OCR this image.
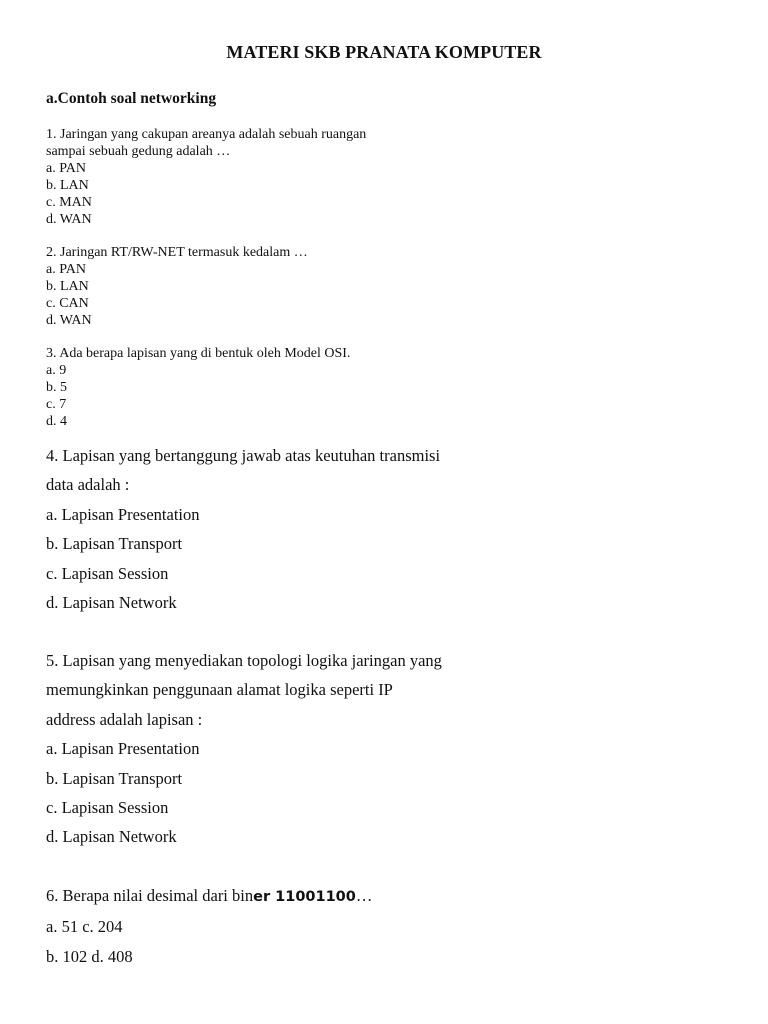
MATERI SKB PRANATA KOMPUTER
a.Contoh soal networking
1. Jaringan yang cakupan areanya adalah sebuah ruangan
sampai sebuah gedung adalah …
a. PAN
b. LAN
c. MAN
d. WAN
2. Jaringan RT/RW-NET termasuk kedalam …
a. PAN
b. LAN
c. CAN
d. WAN
3. Ada berapa lapisan yang di bentuk oleh Model OSI.
a. 9
b. 5
c. 7
d. 4
4. Lapisan yang bertanggung jawab atas keutuhan transmisi
data adalah :
a. Lapisan Presentation
b. Lapisan Transport
c. Lapisan Session
d. Lapisan Network
5. Lapisan yang menyediakan topologi logika jaringan yang
memungkinkan penggunaan alamat logika seperti IP
address adalah lapisan :
a. Lapisan Presentation
b. Lapisan Transport
c. Lapisan Session
d. Lapisan Network
6. Berapa nilai desimal dari biner 11001100…
a. 51 c. 204
b. 102 d. 408
